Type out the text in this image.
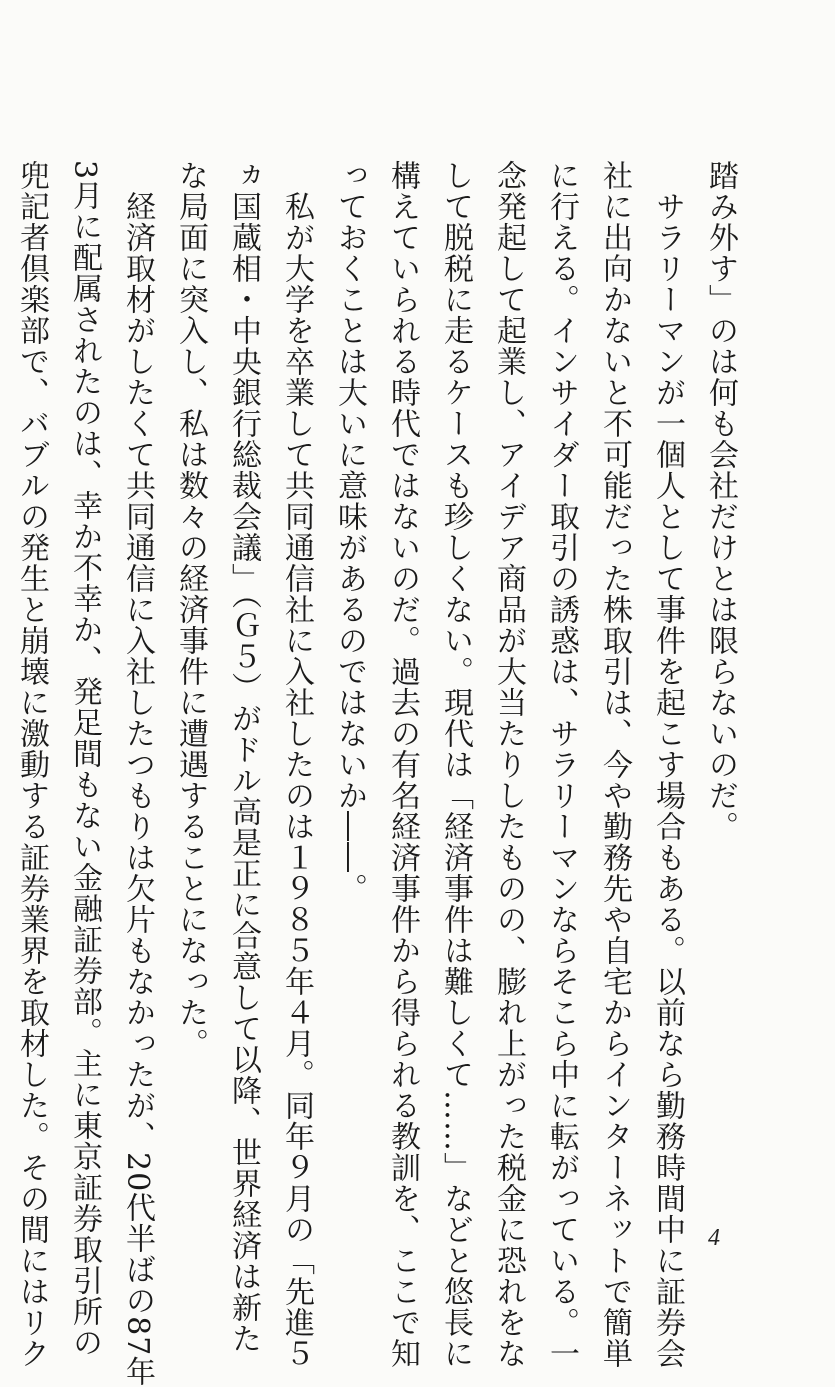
踏み外す」のは何も会社だけとは限らないのだ。
　サラリーマンが一個人として事件を起こす場合もある。以前なら勤務時間中に証券会
社に出向かないと不可能だった株取引は、今や勤務先や自宅からインターネットで簡単
に行える。インサイダー取引の誘惑は、サラリーマンならそこら中に転がっている。一
念発起して起業し、アイデア商品が大当たりしたものの、膨れ上がった税金に恐れをな
して脱税に走るケースも珍しくない。現代は「経済事件は難しくて……」などと悠長に
構えていられる時代ではないのだ。過去の有名経済事件から得られる教訓を、ここで知
っておくことは大いに意味があるのではないか――。
　私が大学を卒業して共同通信社に入社したのは１９８５年４月。同年９月の「先進５
ヵ国蔵相・中央銀行総裁会議」（Ｇ５）がドル高是正に合意して以降、世界経済は新た
な局面に突入し、私は数々の経済事件に遭遇することになった。
　経済取材がしたくて共同通信に入社したつもりは欠片もなかったが、20代半ばの87年
3月に配属されたのは、幸か不幸か、発足間もない金融証券部。主に東京証券取引所の
兜記者倶楽部で、バブルの発生と崩壊に激動する証券業界を取材した。その間にはリク	4
